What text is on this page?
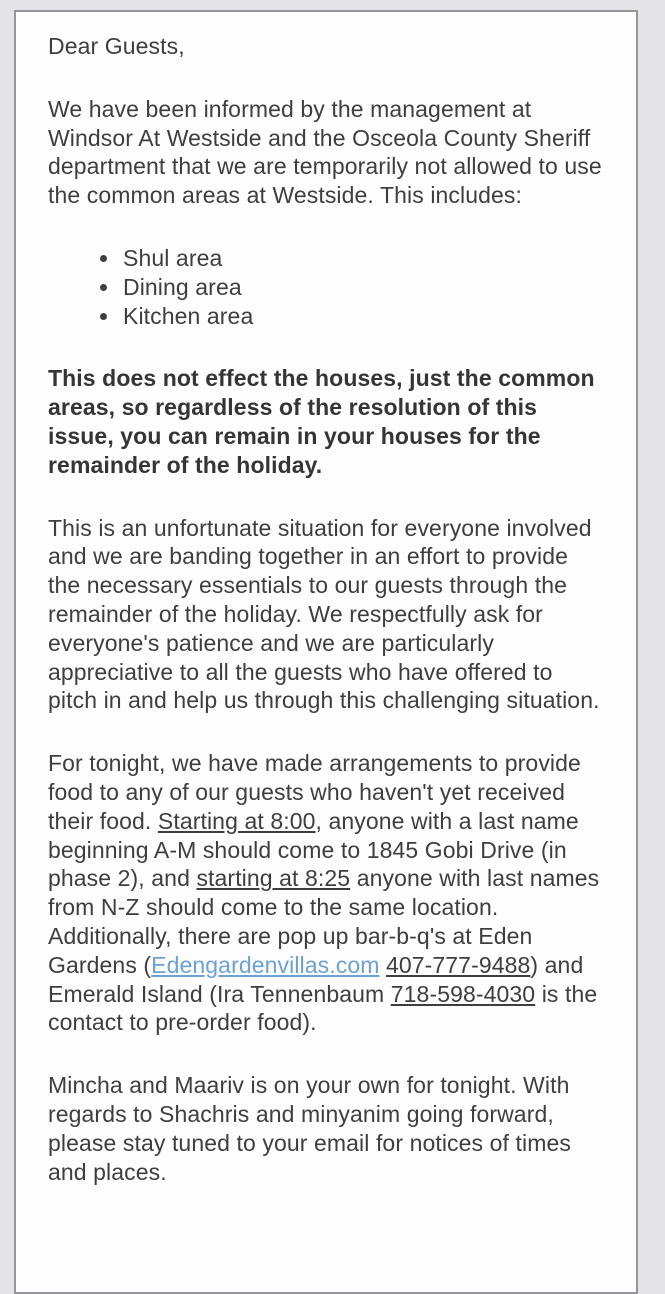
Dear Guests,

We have been informed by the management at Windsor At Westside and the Osceola County Sheriff department that we are temporarily not allowed to use the common areas at Westside. This includes:

Shul area
Dining area
Kitchen area

This does not effect the houses, just the common areas, so regardless of the resolution of this issue, you can remain in your houses for the remainder of the holiday.

This is an unfortunate situation for everyone involved and we are banding together in an effort to provide the necessary essentials to our guests through the remainder of the holiday. We respectfully ask for everyone's patience and we are particularly appreciative to all the guests who have offered to pitch in and help us through this challenging situation.

For tonight, we have made arrangements to provide food to any of our guests who haven't yet received their food. Starting at 8:00, anyone with a last name beginning A-M should come to 1845 Gobi Drive (in phase 2), and starting at 8:25 anyone with last names from N-Z should come to the same location. Additionally, there are pop up bar-b-q's at Eden Gardens (Edengardenvillas.com 407-777-9488) and Emerald Island (Ira Tennenbaum 718-598-4030 is the contact to pre-order food).

Mincha and Maariv is on your own for tonight. With regards to Shachris and minyanim going forward, please stay tuned to your email for notices of times and places.
